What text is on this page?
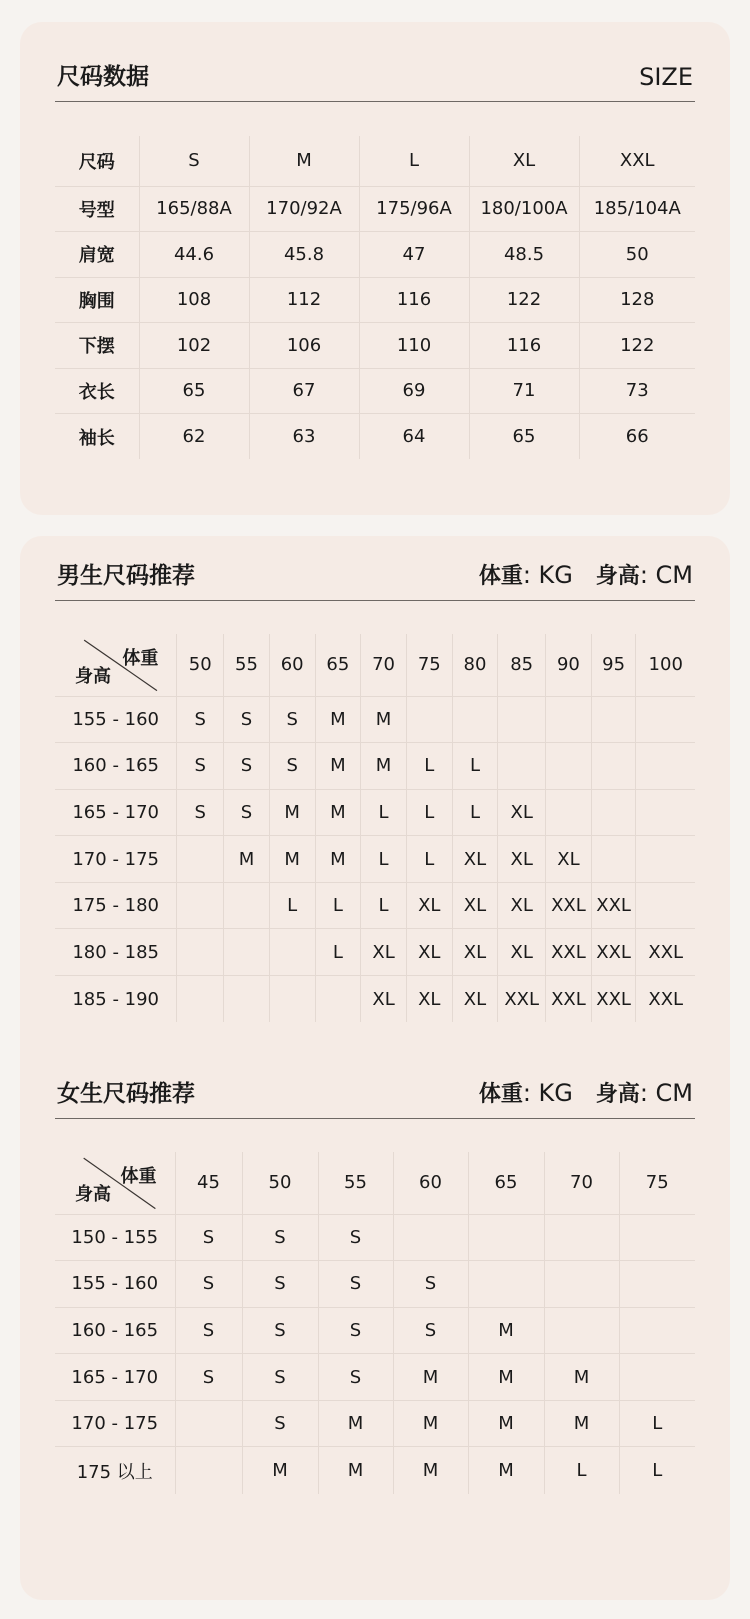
尺码数据	SIZE
尺码	S	M	L	XL	XXL
号型	165/88A	170/92A	175/96A	180/100A	185/104A
肩宽	44.6	45.8	47	48.5	50
胸围	108	112	116	122	128
下摆	102	106	110	116	122
衣长	65	67	69	71	73
袖长	62	63	64	65	66
男生尺码推荐	体重: KG 身高: CM
体重
身高	50	55	60	65	70	75	80	85	90	95	100
155 - 160	S	S	S	M	M						
160 - 165	S	S	S	M	M	L	L				
165 - 170	S	S	M	M	L	L	L	XL			
170 - 175		M	M	M	L	L	XL	XL	XL		
175 - 180			L	L	L	XL	XL	XL	XXL	XXL	
180 - 185				L	XL	XL	XL	XL	XXL	XXL	XXL
185 - 190					XL	XL	XL	XXL	XXL	XXL	XXL
女生尺码推荐	体重: KG 身高: CM
体重
身高	45	50	55	60	65	70	75
150 - 155	S	S	S				
155 - 160	S	S	S	S			
160 - 165	S	S	S	S	M		
165 - 170	S	S	S	M	M	M	
170 - 175		S	M	M	M	M	L
175 以上		M	M	M	M	L	L
